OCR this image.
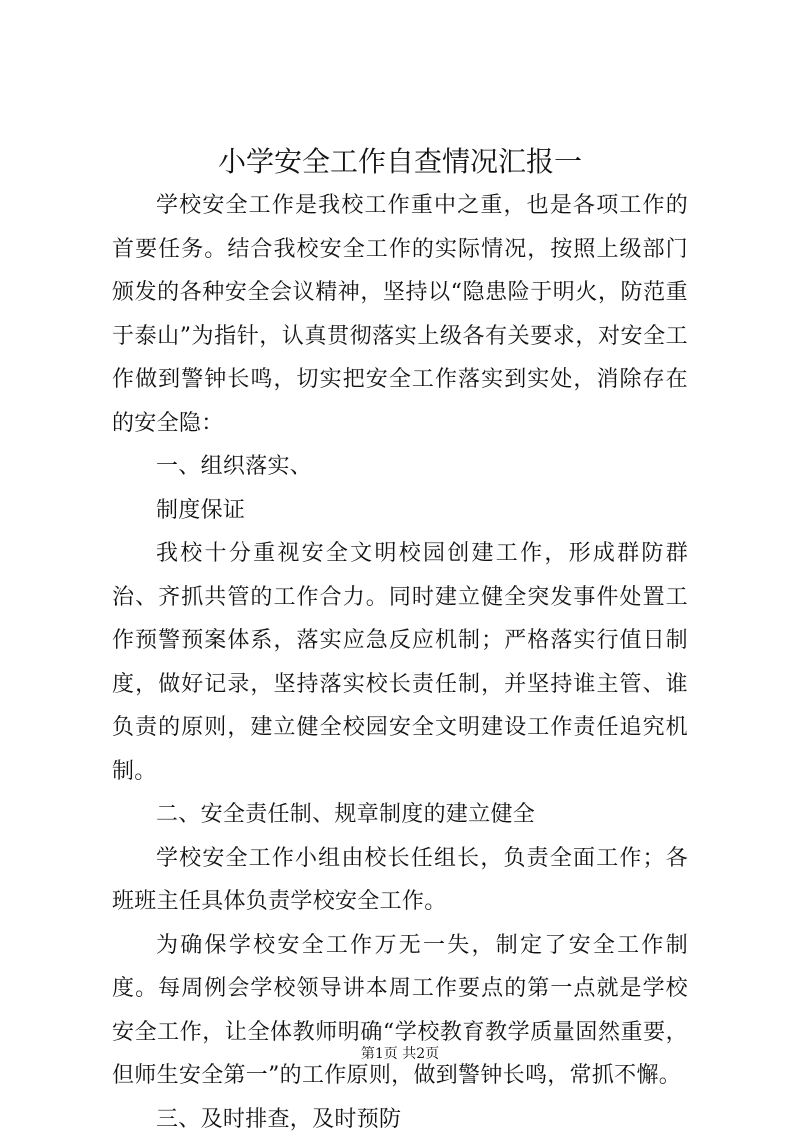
小学安全工作自查情况汇报一

学校安全工作是我校工作重中之重，也是各项工作的首要任务。结合我校安全工作的实际情况，按照上级部门颁发的各种安全会议精神，坚持以“隐患险于明火，防范重于泰山”为指针，认真贯彻落实上级各有关要求，对安全工作做到警钟长鸣，切实把安全工作落实到实处，消除存在的安全隐：

一、组织落实、

制度保证

我校十分重视安全文明校园创建工作，形成群防群治、齐抓共管的工作合力。同时建立健全突发事件处置工作预警预案体系，落实应急反应机制；严格落实行值日制度，做好记录，坚持落实校长责任制，并坚持谁主管、谁负责的原则，建立健全校园安全文明建设工作责任追究机制。

二、安全责任制、规章制度的建立健全

学校安全工作小组由校长任组长，负责全面工作；各班班主任具体负责学校安全工作。

为确保学校安全工作万无一失，制定了安全工作制度。每周例会学校领导讲本周工作要点的第一点就是学校安全工作，让全体教师明确“学校教育教学质量固然重要，但师生安全第一”的工作原则，做到警钟长鸣，常抓不懈。

三、及时排查，及时预防

第1页 共2页
